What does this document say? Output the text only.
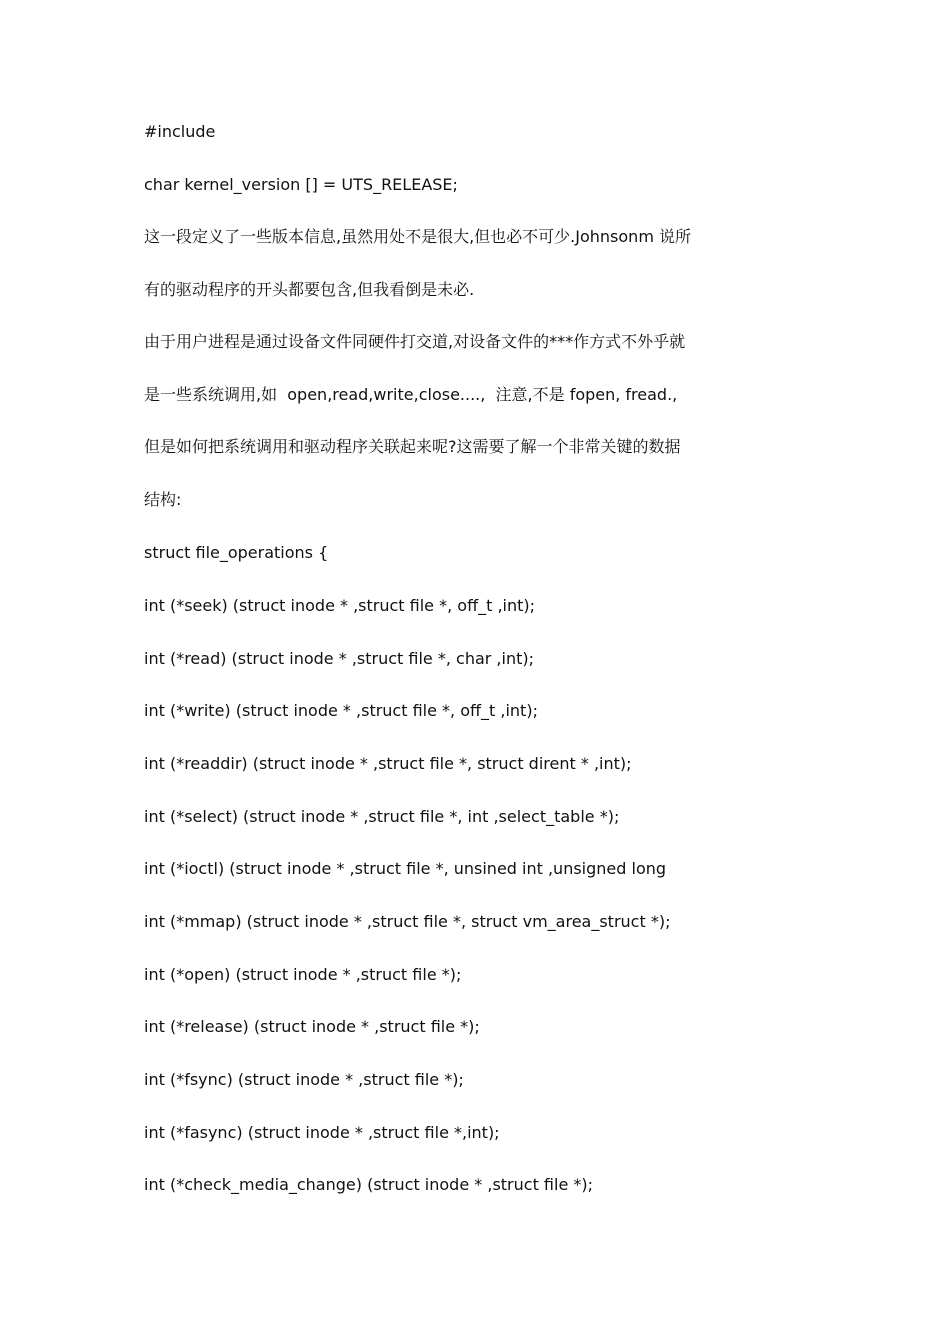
#include

char kernel_version [] = UTS_RELEASE;

这一段定义了一些版本信息,虽然用处不是很大,但也必不可少.Johnsonm 说所

有的驱动程序的开头都要包含,但我看倒是未必.

由于用户进程是通过设备文件同硬件打交道,对设备文件的***作方式不外乎就

是一些系统调用,如  open,read,write,close....,  注意,不是 fopen, fread.,

但是如何把系统调用和驱动程序关联起来呢?这需要了解一个非常关键的数据

结构:

struct file_operations {

int (*seek) (struct inode * ,struct file *, off_t ,int);

int (*read) (struct inode * ,struct file *, char ,int);

int (*write) (struct inode * ,struct file *, off_t ,int);

int (*readdir) (struct inode * ,struct file *, struct dirent * ,int);

int (*select) (struct inode * ,struct file *, int ,select_table *);

int (*ioctl) (struct inode * ,struct file *, unsined int ,unsigned long

int (*mmap) (struct inode * ,struct file *, struct vm_area_struct *);

int (*open) (struct inode * ,struct file *);

int (*release) (struct inode * ,struct file *);

int (*fsync) (struct inode * ,struct file *);

int (*fasync) (struct inode * ,struct file *,int);

int (*check_media_change) (struct inode * ,struct file *);
